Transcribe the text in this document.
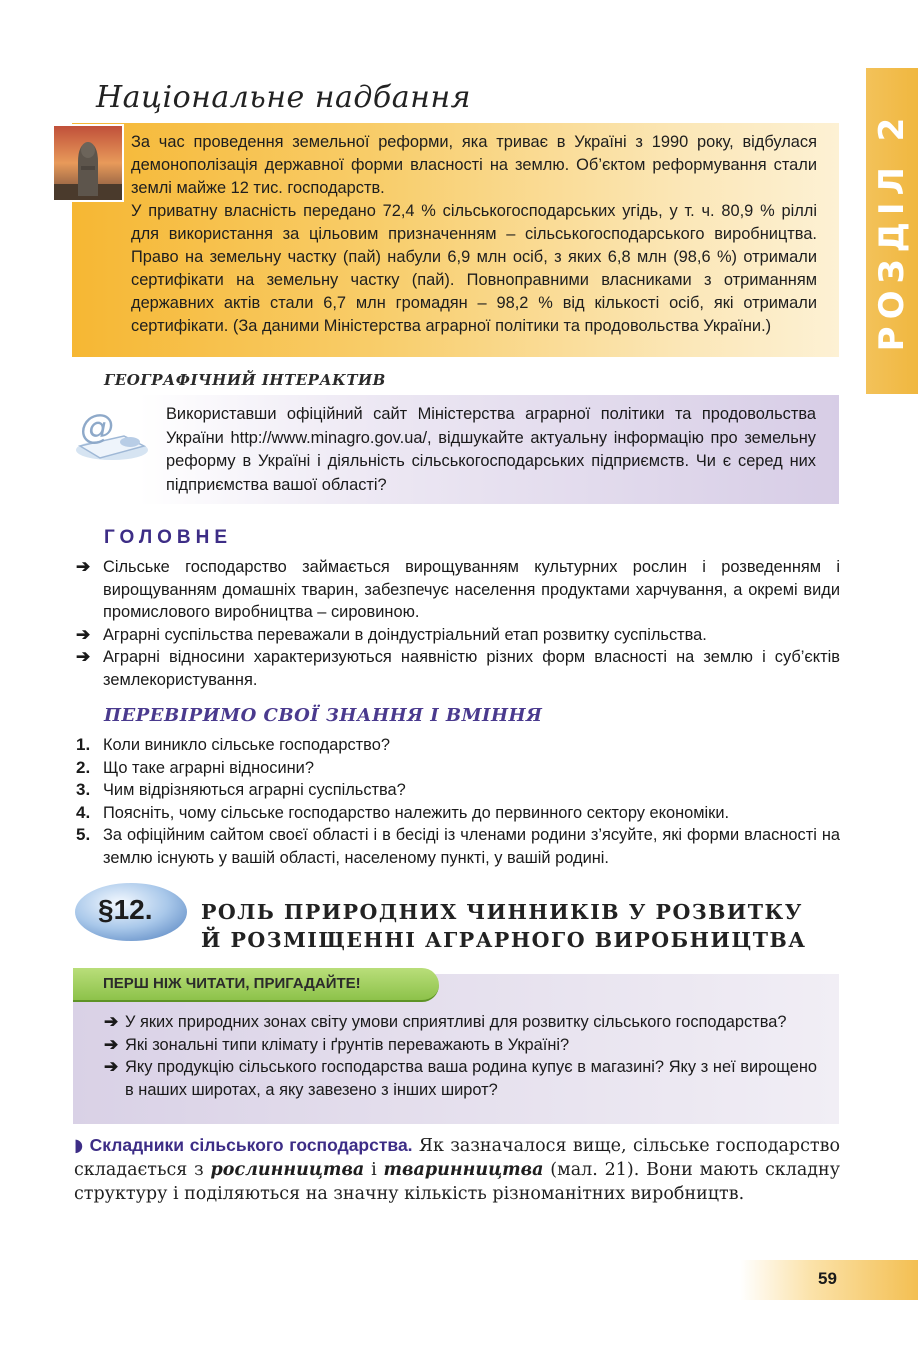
РОЗДІЛ 2
Національне надбання

За час проведення земельної реформи, яка триває в Україні з 1990 року, відбулася демонополізація державної форми власності на землю. Об’єктом реформування стали землі майже 12 тис. господарств.

У приватну власність передано 72,4 % сільськогосподарських угідь, у т. ч. 80,9 % ріллі для використання за цільовим призначенням – сільськогосподарського виробництва. Право на земельну частку (пай) набули 6,9 млн осіб, з яких 6,8 млн (98,6 %) отримали сертифікати на земельну частку (пай). Повноправними власниками з отриманням державних актів стали 6,7 млн громадян – 98,2 % від кількості осіб, які отримали сертифікати. (За даними Міністерства аграрної політики та продовольства України.)

ГЕОГРАФІЧНИЙ ІНТЕРАКТИВ
@	Використавши офіційний сайт Міністерства аграрної політики та продовольства України http://www.minagro.gov.ua/, відшукайте актуальну інформацію про земельну реформу в Україні і діяльність сільськогосподарських підприємств. Чи є серед них підприємства вашої області?
ГОЛОВНЕ
➔ Сільське господарство займається вирощуванням культурних рослин і розведенням і вирощуванням домашніх тварин, забезпечує населення продуктами харчування, а окремі види промислового виробництва – сировиною.
➔ Аграрні суспільства переважали в доіндустріальний етап розвитку суспільства.
➔ Аграрні відносини характеризуються наявністю різних форм власності на землю і суб’єктів землекористування.
ПЕРЕВІРИМО СВОЇ ЗНАННЯ І ВМІННЯ
1. Коли виникло сільське господарство?
2. Що таке аграрні відносини?
3. Чим відрізняються аграрні суспільства?
4. Поясніть, чому сільське господарство належить до первинного сектору економіки.
5. За офіційним сайтом своєї області і в бесіді із членами родини з’ясуйте, які форми власності на землю існують у вашій області, населеному пункті, у вашій родині.
§12. РОЛЬ ПРИРОДНИХ ЧИННИКІВ У РОЗВИТКУ
Й РОЗМІЩЕННІ АГРАРНОГО ВИРОБНИЦТВА
ПЕРШ НІЖ ЧИТАТИ, ПРИГАДАЙТЕ!
➔ У яких природних зонах світу умови сприятливі для розвитку сільського господарства?
➔ Які зональні типи клімату і ґрунтів переважають в Україні?
➔ Яку продукцію сільського господарства ваша родина купує в магазині? Яку з неї вирощено в наших широтах, а яку завезено з інших широт?
◗ Складники сільського господарства. Як зазначалося вище, сільське господарство складається з рослинництва і тваринництва (мал. 21). Вони мають складну структуру і поділяються на значну кількість різноманітних виробництв.
59
